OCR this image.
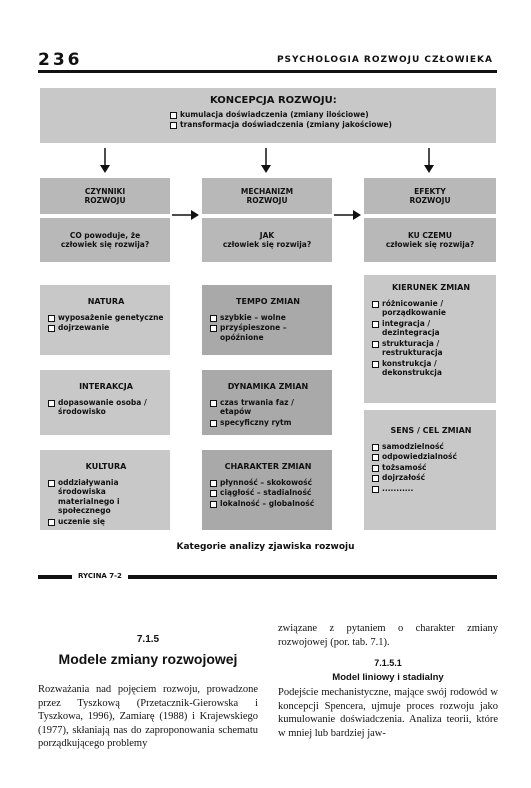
236	PSYCHOLOGIA ROZWOJU CZŁOWIEKA
KONCEPCJA ROZWOJU:
kumulacja doświadczenia (zmiany ilościowe)
transformacja doświadczenia (zmiany jakościowe)
CZYNNIKI
ROZWOJU
CO powoduje, że
człowiek się rozwija?
MECHANIZM
ROZWOJU
JAK
człowiek się rozwija?
EFEKTY
ROZWOJU
KU CZEMU
człowiek się rozwija?
NATURA
wyposażenie genetyczne
dojrzewanie
INTERAKCJA
dopasowanie osoba / środowisko
KULTURA
oddziaływania środowiska materialnego i społecznego
uczenie się
TEMPO ZMIAN
szybkie – wolne
przyśpieszone – opóźnione
DYNAMIKA ZMIAN
czas trwania faz / etapów
specyficzny rytm
CHARAKTER ZMIAN
płynność – skokowość
ciągłość – stadialność
lokalność – globalność
KIERUNEK ZMIAN
różnicowanie / porządkowanie
integracja / dezintegracja
strukturacja / restrukturacja
konstrukcja / dekonstrukcja
SENS / CEL ZMIAN
samodzielność
odpowiedzialność
tożsamość
dojrzałość
...........
Kategorie analizy zjawiska rozwoju
RYCINA 7-2
7.1.5
Modele zmiany rozwojowej
Rozważania nad pojęciem rozwoju, prowadzone przez Tyszkową (Przetacznik-Gierowska i Tyszkowa, 1996), Zamiarę (1988) i Krajewskiego (1977), skłaniają nas do zaproponowania schematu porządkującego problemy
związane z pytaniem o charakter zmiany rozwojowej (por. tab. 7.1).
7.1.5.1
Model liniowy i stadialny
Podejście mechanistyczne, mające swój rodowód w koncepcji Spencera, ujmuje proces rozwoju jako kumulowanie doświadczenia. Analiza teorii, które w mniej lub bardziej jaw-
